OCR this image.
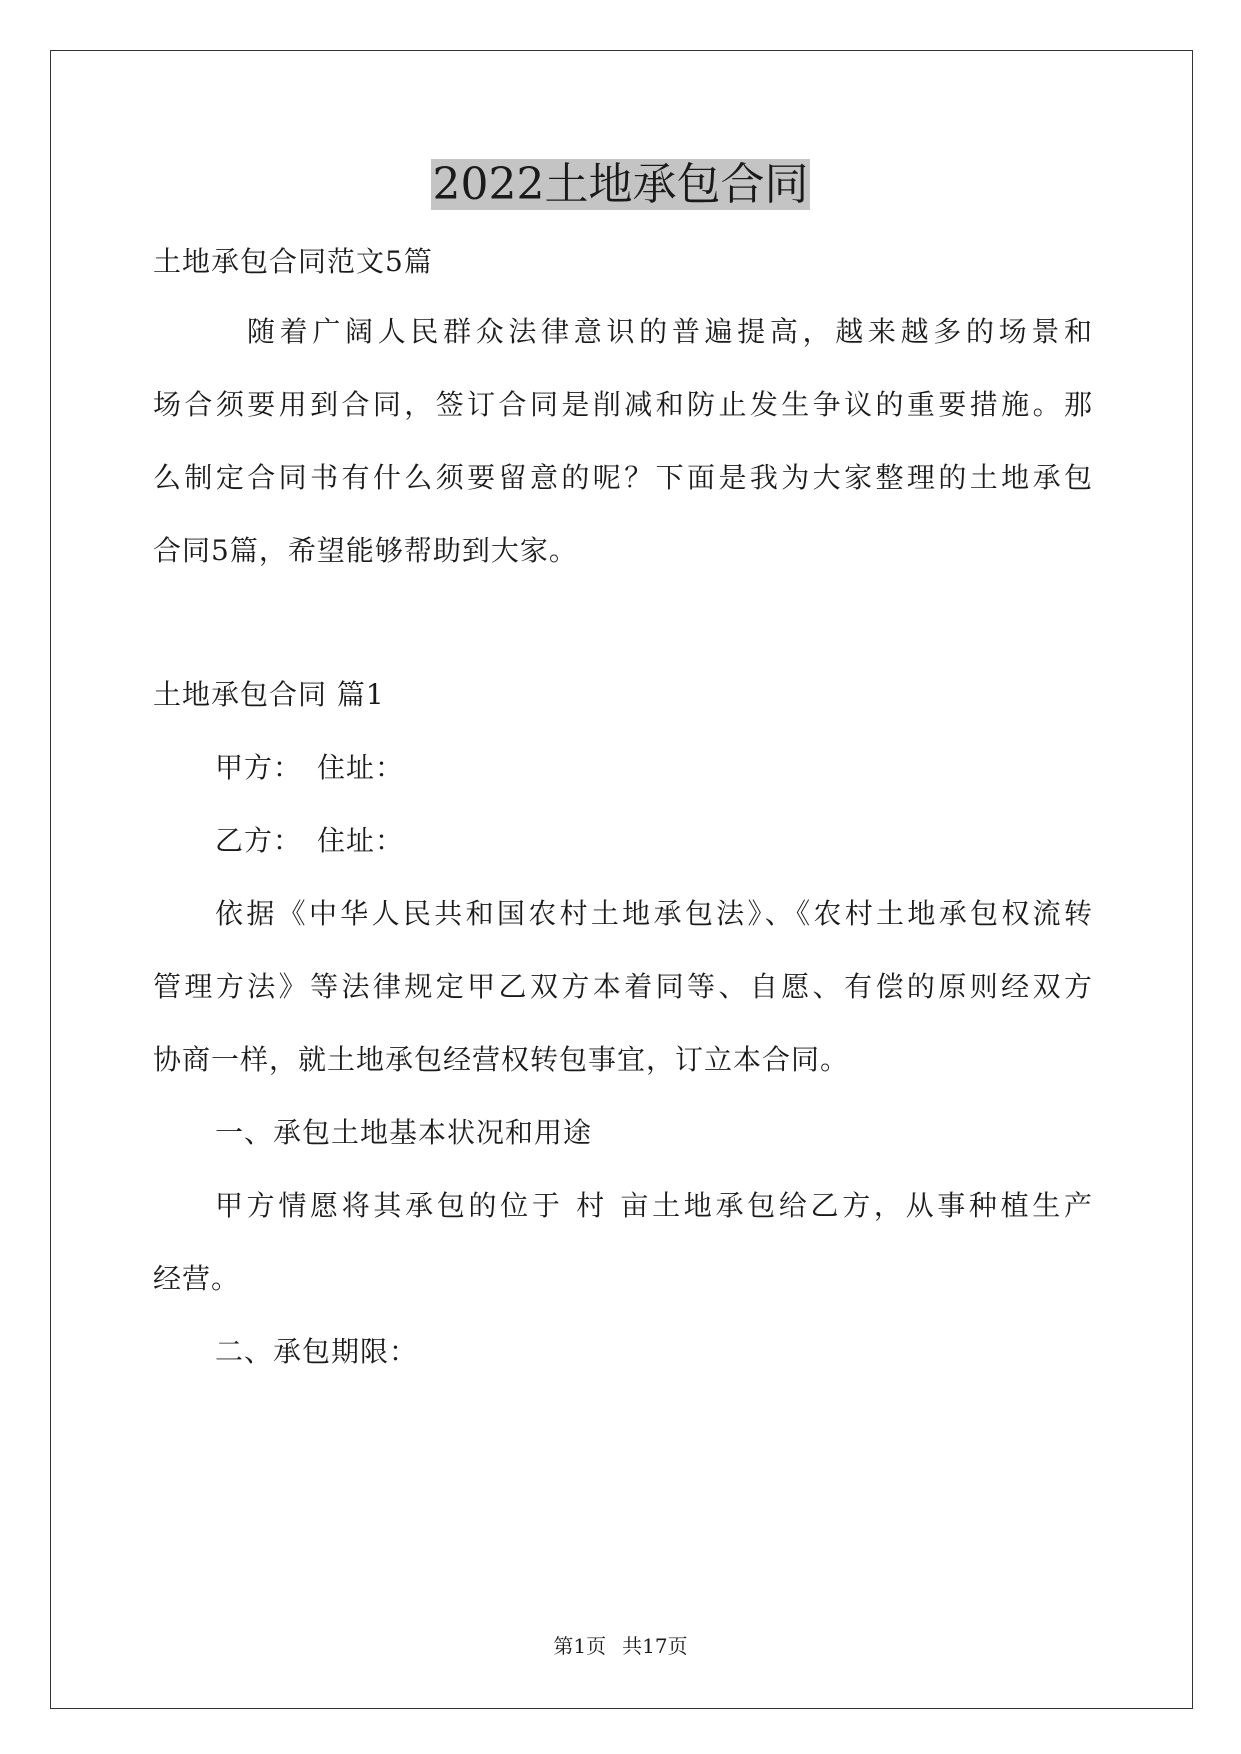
2022土地承包合同
土地承包合同范文5篇
随着广阔人民群众法律意识的普遍提高，越来越多的场景和
场合须要用到合同，签订合同是削减和防止发生争议的重要措施。那
么制定合同书有什么须要留意的呢？下面是我为大家整理的土地承包
合同5篇，希望能够帮助到大家。
土地承包合同 篇1
甲方：　住址：
乙方：　住址：
依据《中华人民共和国农村土地承包法》、《农村土地承包权流转
管理方法》等法律规定甲乙双方本着同等、自愿、有偿的原则经双方
协商一样，就土地承包经营权转包事宜，订立本合同。
一、承包土地基本状况和用途
甲方情愿将其承包的位于 村 亩土地承包给乙方，从事种植生产
经营。
二、承包期限：
第1页 共17页
